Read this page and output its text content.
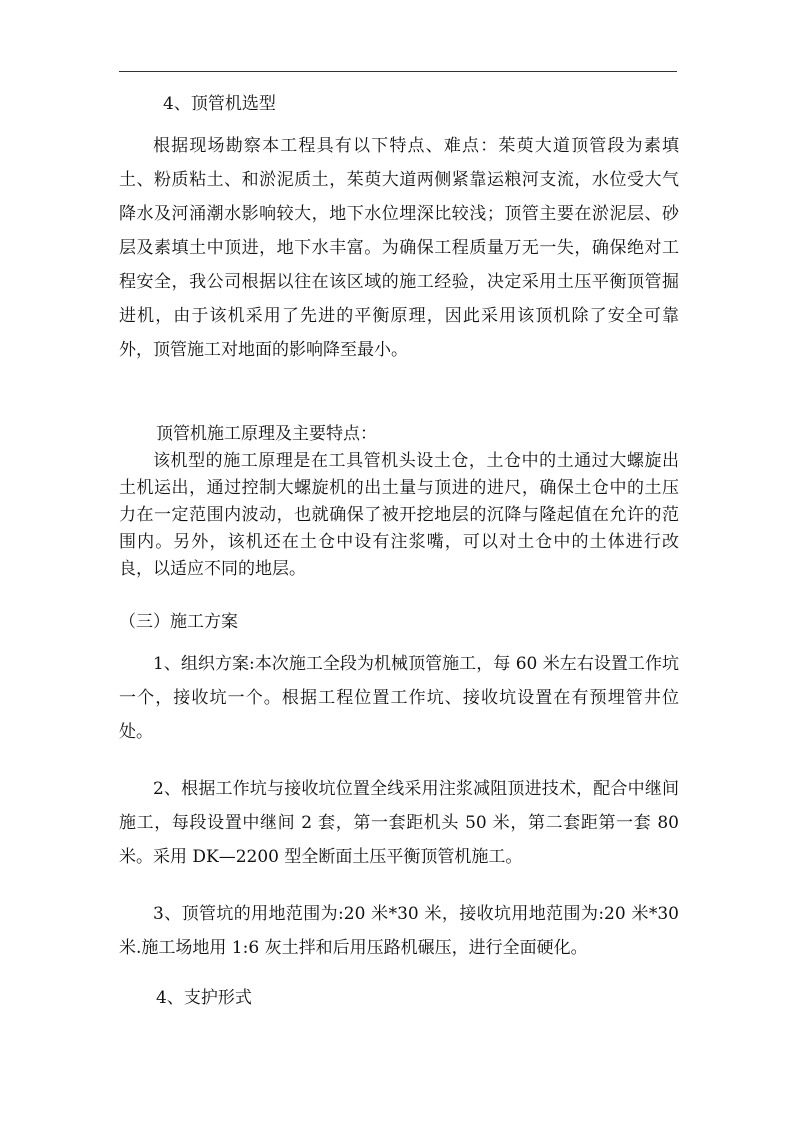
4、顶管机选型

根据现场勘察本工程具有以下特点、难点：茱萸大道顶管段为素填土、粉质粘土、和淤泥质土，茱萸大道两侧紧靠运粮河支流，水位受大气降水及河涌潮水影响较大，地下水位埋深比较浅；顶管主要在淤泥层、砂层及素填土中顶进，地下水丰富。为确保工程质量万无一失，确保绝对工程安全，我公司根据以往在该区域的施工经验，决定采用土压平衡顶管掘进机，由于该机采用了先进的平衡原理，因此采用该顶机除了安全可靠外，顶管施工对地面的影响降至最小。

顶管机施工原理及主要特点：
该机型的施工原理是在工具管机头设土仓，土仓中的土通过大螺旋出土机运出，通过控制大螺旋机的出土量与顶进的进尺，确保土仓中的土压力在一定范围内波动，也就确保了被开挖地层的沉降与隆起值在允许的范围内。另外，该机还在土仓中设有注浆嘴，可以对土仓中的土体进行改良，以适应不同的地层。
（三）施工方案

1、组织方案:本次施工全段为机械顶管施工，每 60 米左右设置工作坑一个，接收坑一个。根据工程位置工作坑、接收坑设置在有预埋管井位处。

2、根据工作坑与接收坑位置全线采用注浆减阻顶进技术，配合中继间施工，每段设置中继间 2 套，第一套距机头 50 米，第二套距第一套 80 米。采用 DK—2200 型全断面土压平衡顶管机施工。

3、顶管坑的用地范围为:20 米*30 米，接收坑用地范围为:20 米*30 米.施工场地用 1:6 灰土拌和后用压路机碾压，进行全面硬化。

4、支护形式
